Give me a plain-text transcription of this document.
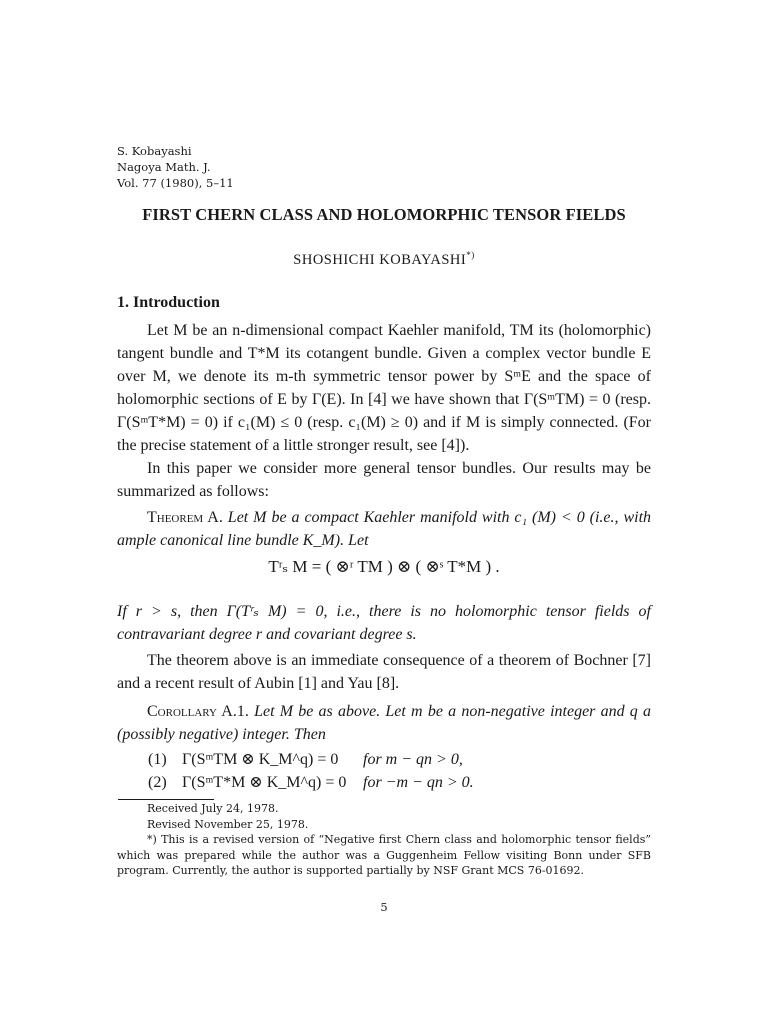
S. Kobayashi
Nagoya Math. J.
Vol. 77 (1980), 5–11
FIRST CHERN CLASS AND HOLOMORPHIC TENSOR FIELDS
SHOSHICHI KOBAYASHI*)
1. Introduction

Let M be an n-dimensional compact Kaehler manifold, TM its (holomorphic) tangent bundle and T*M its cotangent bundle. Given a complex vector bundle E over M, we denote its m-th symmetric tensor power by SᵐE and the space of holomorphic sections of E by Γ(E). In [4] we have shown that Γ(SᵐTM) = 0 (resp. Γ(SᵐT*M) = 0) if c₁(M) ≤ 0 (resp. c₁(M) ≥ 0) and if M is simply connected. (For the precise statement of a little stronger result, see [4]).

In this paper we consider more general tensor bundles. Our results may be summarized as follows:

Theorem A. Let M be a compact Kaehler manifold with c₁ (M) < 0 (i.e., with ample canonical line bundle K_M). Let

Tʳₛ M = ( ⊗ʳ TM ) ⊗ ( ⊗ˢ T*M ) .

If r > s, then Γ(Tʳₛ M) = 0, i.e., there is no holomorphic tensor fields of contravariant degree r and covariant degree s.

The theorem above is an immediate consequence of a theorem of Bochner [7] and a recent result of Aubin [1] and Yau [8].

Corollary A.1. Let M be as above. Let m be a non-negative integer and q a (possibly negative) integer. Then

(1) Γ(SᵐTM ⊗ K_M^q) = 0 for m − qn > 0,
(2) Γ(SᵐT*M ⊗ K_M^q) = 0 for −m − qn > 0.

Received July 24, 1978.

Revised November 25, 1978.

*) This is a revised version of “Negative first Chern class and holomorphic tensor fields” which was prepared while the author was a Guggenheim Fellow visiting Bonn under SFB program. Currently, the author is supported partially by NSF Grant MCS 76-01692.

5
